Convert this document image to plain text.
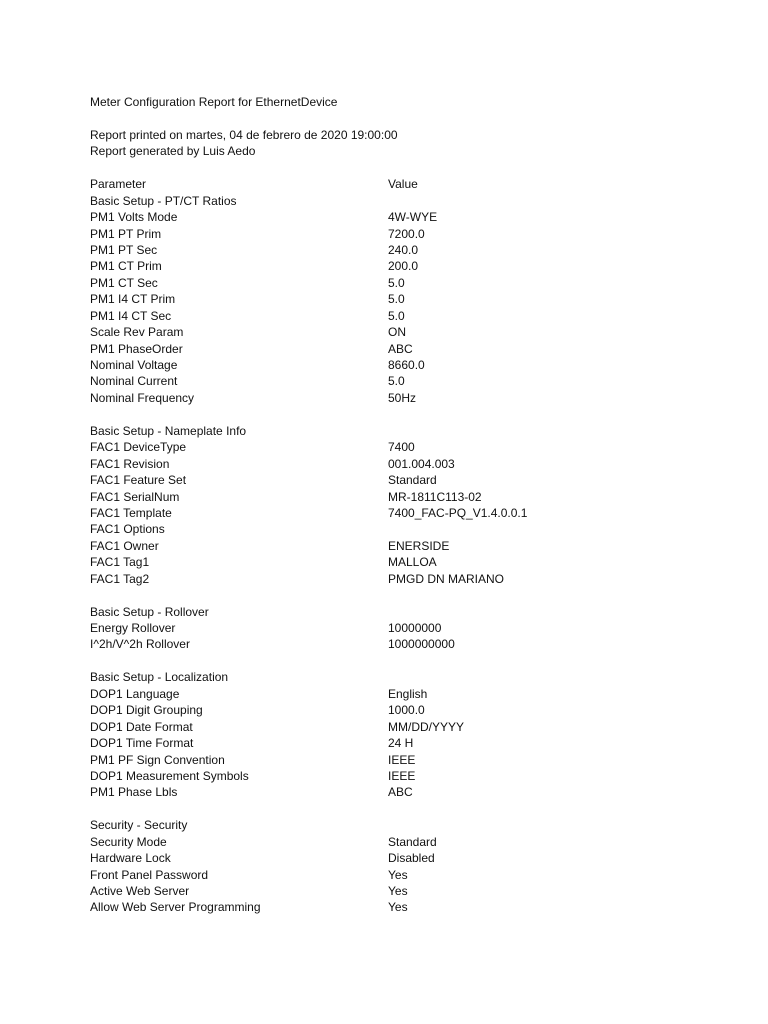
Meter Configuration Report for EthernetDevice
Report printed on martes, 04 de febrero de 2020 19:00:00
Report generated by Luis Aedo
Parameter	Value
Basic Setup - PT/CT Ratios
PM1 Volts Mode	4W-WYE
PM1 PT Prim	7200.0
PM1 PT Sec	240.0
PM1 CT Prim	200.0
PM1 CT Sec	5.0
PM1 I4 CT Prim	5.0
PM1 I4 CT Sec	5.0
Scale Rev Param	ON
PM1 PhaseOrder	ABC
Nominal Voltage	8660.0
Nominal Current	5.0
Nominal Frequency	50Hz
Basic Setup - Nameplate Info
FAC1 DeviceType	7400
FAC1 Revision	001.004.003
FAC1 Feature Set	Standard
FAC1 SerialNum	MR-1811C113-02
FAC1 Template	7400_FAC-PQ_V1.4.0.0.1
FAC1 Options
FAC1 Owner	ENERSIDE
FAC1 Tag1	MALLOA
FAC1 Tag2	PMGD DN MARIANO
Basic Setup - Rollover
Energy Rollover	10000000
I^2h/V^2h Rollover	1000000000
Basic Setup - Localization
DOP1 Language	English
DOP1 Digit Grouping	1000.0
DOP1 Date Format	MM/DD/YYYY
DOP1 Time Format	24 H
PM1 PF Sign Convention	IEEE
DOP1 Measurement Symbols	IEEE
PM1 Phase Lbls	ABC
Security - Security
Security Mode	Standard
Hardware Lock	Disabled
Front Panel Password	Yes
Active Web Server	Yes
Allow Web Server Programming	Yes
